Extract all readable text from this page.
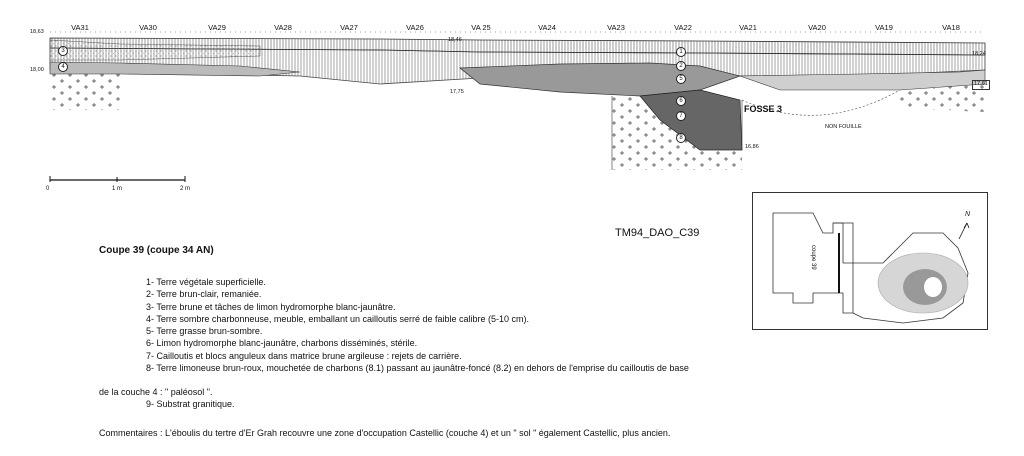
VA31	VA30	VA29	VA28	VA27	VA26	VA 25	VA24	VA23	VA22	VA21	VA20	VA19	VA18
18,63
18,00
18,46
17,75
18,24
17,61
16,86
1
2
3
4
5
6
7
8
FOSSE 3
NON FOUILLE
0	1 m	2 m
TM94_DAO_C39
Coupe 39 (coupe 34 AN)
1- Terre végétale superficielle.
2- Terre brun-clair, remaniée.
3- Terre brune et tâches de limon hydromorphe blanc-jaunâtre.
4- Terre sombre charbonneuse, meuble, emballant un cailloutis serré de faible calibre (5-10 cm).
5- Terre grasse brun-sombre.
6- Limon hydromorphe blanc-jaunâtre, charbons disséminés, stérile.
7- Cailloutis et blocs anguleux dans matrice brune argileuse : rejets de carrière.
8- Terre limoneuse brun-roux, mouchetée de charbons (8.1) passant au jaunâtre-foncé (8.2) en dehors de l'emprise du cailloutis de base
de la couche 4 : " paléosol ".
9- Substrat granitique.
Commentaires : L'éboulis du tertre d'Er Grah recouvre une zone d'occupation Castellic (couche 4) et un " sol " également Castellic, plus ancien.
coupe 39
N
